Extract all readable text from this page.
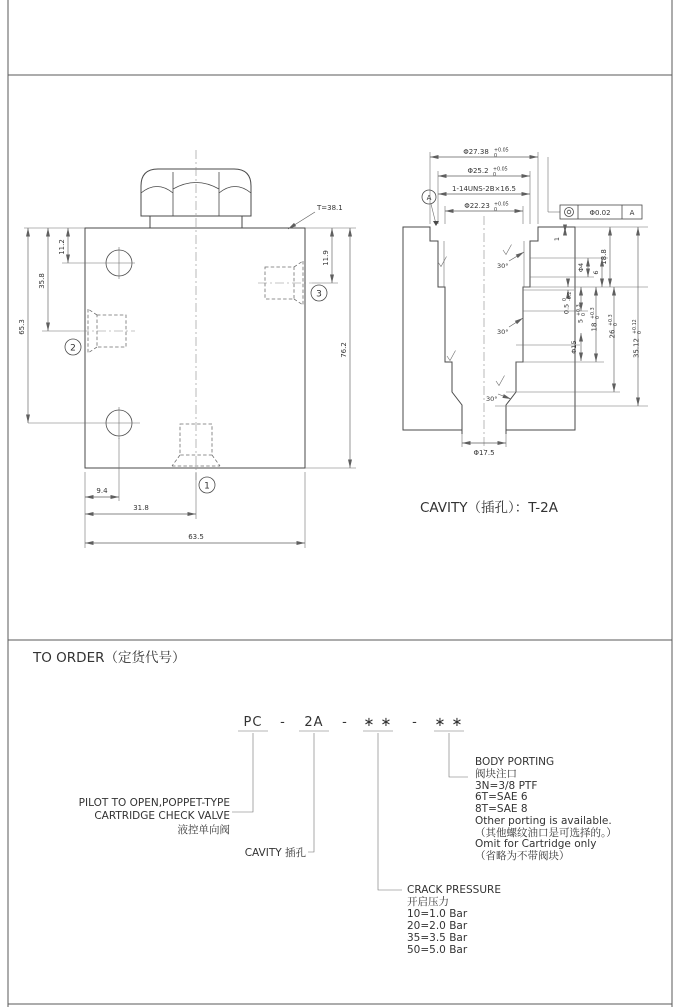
2
3
1
11.2
35.8
65.3
11.9
76.2
T=38.1
9.4
31.8
63.5
Φ27.38 +0.05
0
Φ25.2 +0.05
0
1-14UNS-2B×16.5
Φ22.23 +0.05
0
A
Φ0.02	A
1
18.8
Φ4
6
0.5
0 -0.2
5
+0.3 0
18
+0.3 0
26
+0.3 0
35.12
+0.12 0
Φ15
30°
30°
30°
Φ17.5
CAVITY（插孔）：T-2A
TO ORDER（定货代号）
PC - 2A - ∗ ∗ - ∗ ∗
PILOT TO OPEN,POPPET-TYPE
CARTRIDGE CHECK VALVE
液控单向阀
CAVITY 插孔
BODY PORTING
阀块注口
3N=3/8 PTF
6T=SAE 6
8T=SAE 8
Other porting is available.
（其他螺纹油口是可选择的。）
Omit for Cartridge only
（省略为不带阀块）
CRACK PRESSURE
开启压力
10=1.0 Bar
20=2.0 Bar
35=3.5 Bar
50=5.0 Bar
